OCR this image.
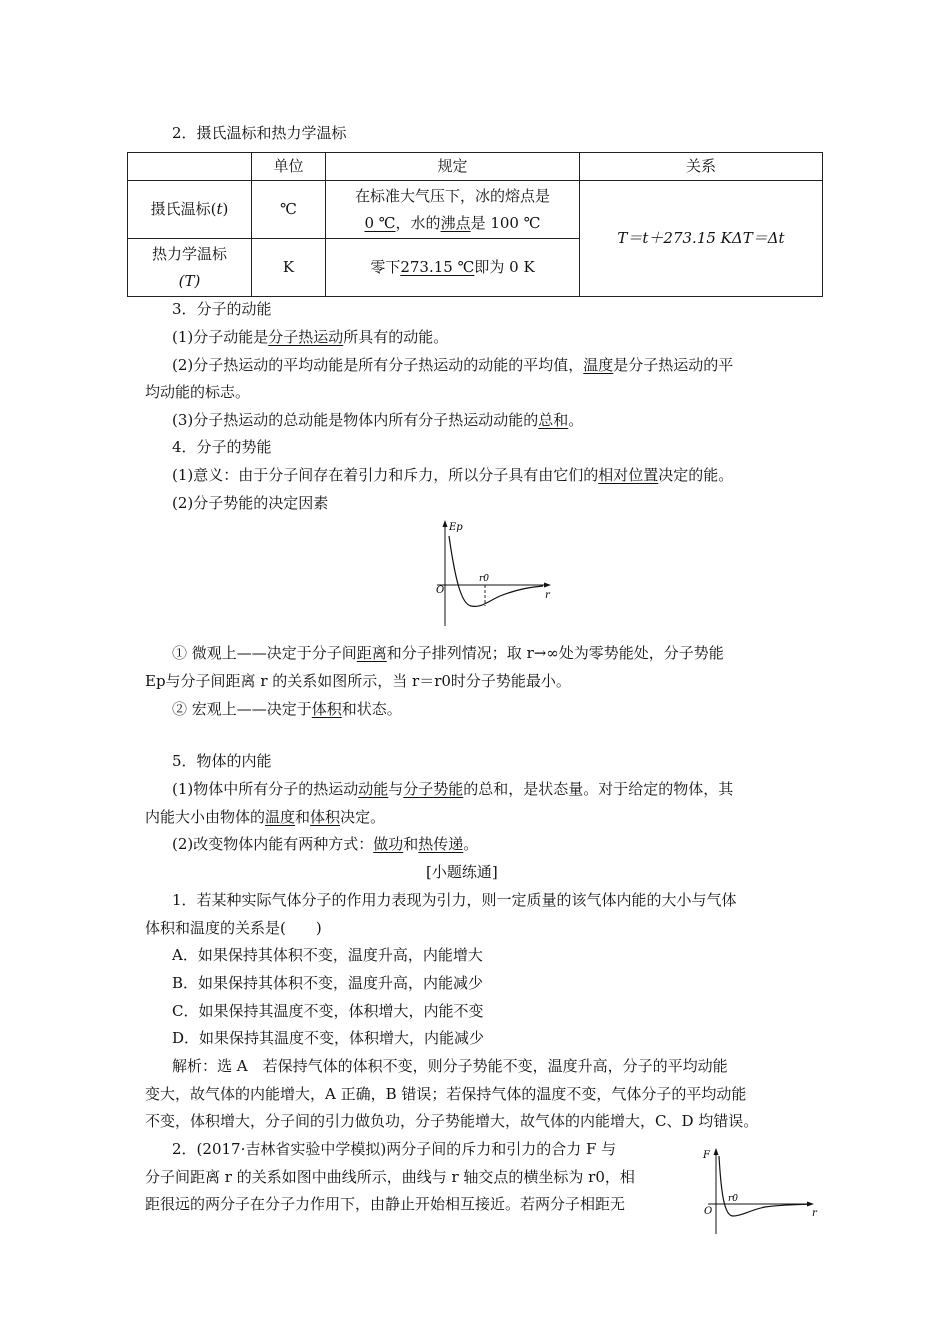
2．摄氏温标和热力学温标
	单位	规定	关系
摄氏温标(t)	℃	在标准大气压下，冰的熔点是
0 ℃，水的沸点是 100 ℃	T＝t＋273.15 KΔT＝Δt

热力学温标
(T)	K	零下273.15 ℃即为 0 K	
3．分子的动能
(1)分子动能是分子热运动所具有的动能。
(2)分子热运动的平均动能是所有分子热运动的动能的平均值，温度是分子热运动的平
均动能的标志。
(3)分子热运动的总动能是物体内所有分子热运动动能的总和。
4．分子的势能
(1)意义：由于分子间存在着引力和斥力，所以分子具有由它们的相对位置决定的能。
(2)分子势能的决定因素
Ep
O
r0
r
① 微观上——决定于分子间距离和分子排列情况；取 r→∞处为零势能处，分子势能
Ep与分子间距离 r 的关系如图所示，当 r＝r0时分子势能最小。
② 宏观上——决定于体积和状态。
5．物体的内能
(1)物体中所有分子的热运动动能与分子势能的总和，是状态量。对于给定的物体，其
内能大小由物体的温度和体积决定。
(2)改变物体内能有两种方式：做功和热传递。
[小题练通]
1．若某种实际气体分子的作用力表现为引力，则一定质量的该气体内能的大小与气体
体积和温度的关系是(　　)
A．如果保持其体积不变，温度升高，内能增大
B．如果保持其体积不变，温度升高，内能减少
C．如果保持其温度不变，体积增大，内能不变
D．如果保持其温度不变，体积增大，内能减少
解析：选 A　若保持气体的体积不变，则分子势能不变，温度升高，分子的平均动能
变大，故气体的内能增大，A 正确，B 错误；若保持气体的温度不变，气体分子的平均动能
不变，体积增大，分子间的引力做负功，分子势能增大，故气体的内能增大，C、D 均错误。
2．(2017·吉林省实验中学模拟)两分子间的斥力和引力的合力 F 与
分子间距离 r 的关系如图中曲线所示，曲线与 r 轴交点的横坐标为 r0，相
距很远的两分子在分子力作用下，由静止开始相互接近。若两分子相距无
F
O
r0
r
